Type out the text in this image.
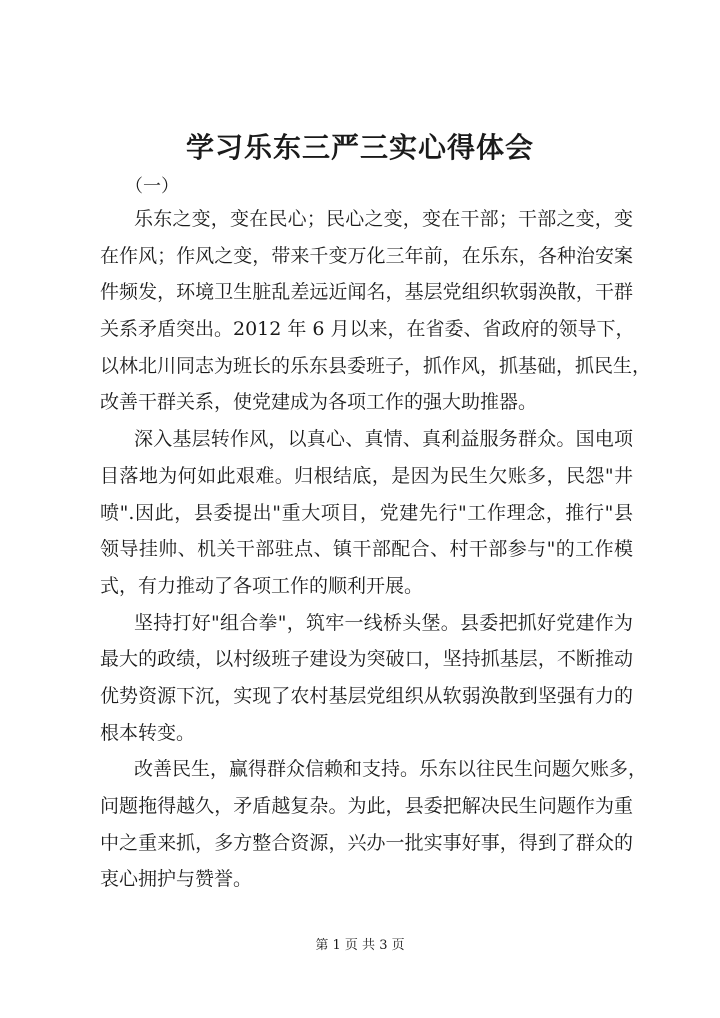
学习乐东三严三实心得体会
（一）
乐东之变，变在民心；民心之变，变在干部；干部之变，变
在作风；作风之变，带来千变万化三年前，在乐东，各种治安案
件频发，环境卫生脏乱差远近闻名，基层党组织软弱涣散，干群
关系矛盾突出。2012 年 6 月以来，在省委、省政府的领导下，
以林北川同志为班长的乐东县委班子，抓作风，抓基础，抓民生，
改善干群关系，使党建成为各项工作的强大助推器。
深入基层转作风，以真心、真情、真利益服务群众。国电项
目落地为何如此艰难。归根结底，是因为民生欠账多，民怨"井
喷".因此，县委提出"重大项目，党建先行"工作理念，推行"县
领导挂帅、机关干部驻点、镇干部配合、村干部参与"的工作模
式，有力推动了各项工作的顺利开展。
坚持打好"组合拳"，筑牢一线桥头堡。县委把抓好党建作为
最大的政绩，以村级班子建设为突破口，坚持抓基层，不断推动
优势资源下沉，实现了农村基层党组织从软弱涣散到坚强有力的
根本转变。
改善民生，赢得群众信赖和支持。乐东以往民生问题欠账多，
问题拖得越久，矛盾越复杂。为此，县委把解决民生问题作为重
中之重来抓，多方整合资源，兴办一批实事好事，得到了群众的
衷心拥护与赞誉。
第 1 页 共 3 页
